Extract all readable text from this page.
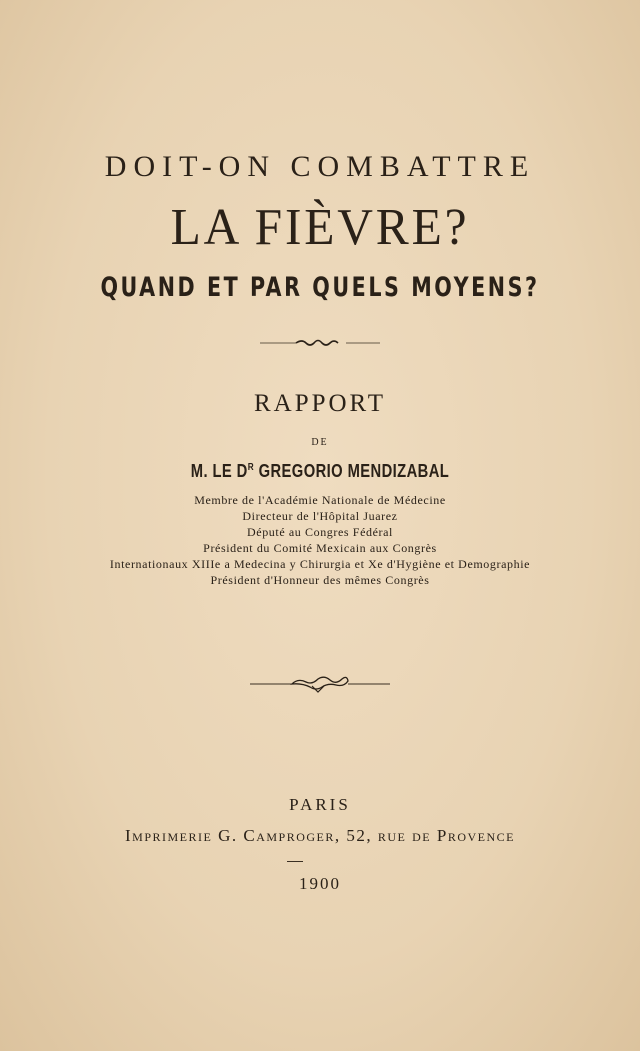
DOIT-ON COMBATTRE
LA FIÈVRE?
QUAND ET PAR QUELS MOYENS?
RAPPORT
DE
M. LE $D^R$ GREGORIO MENDIZABAL
Membre de l'Académie Nationale de Médecine
Directeur de l'Hôpital Juarez
Député au Congres Fédéral
Président du Comité Mexicain aux Congrès
Internationaux XIIIe a Medecina y Chirurgia et Xe d'Hygiène et Demographie
Président d'Honneur des mêmes Congrès
PARIS
Imprimerie G. Camproger, 52, rue de Provence
1900
